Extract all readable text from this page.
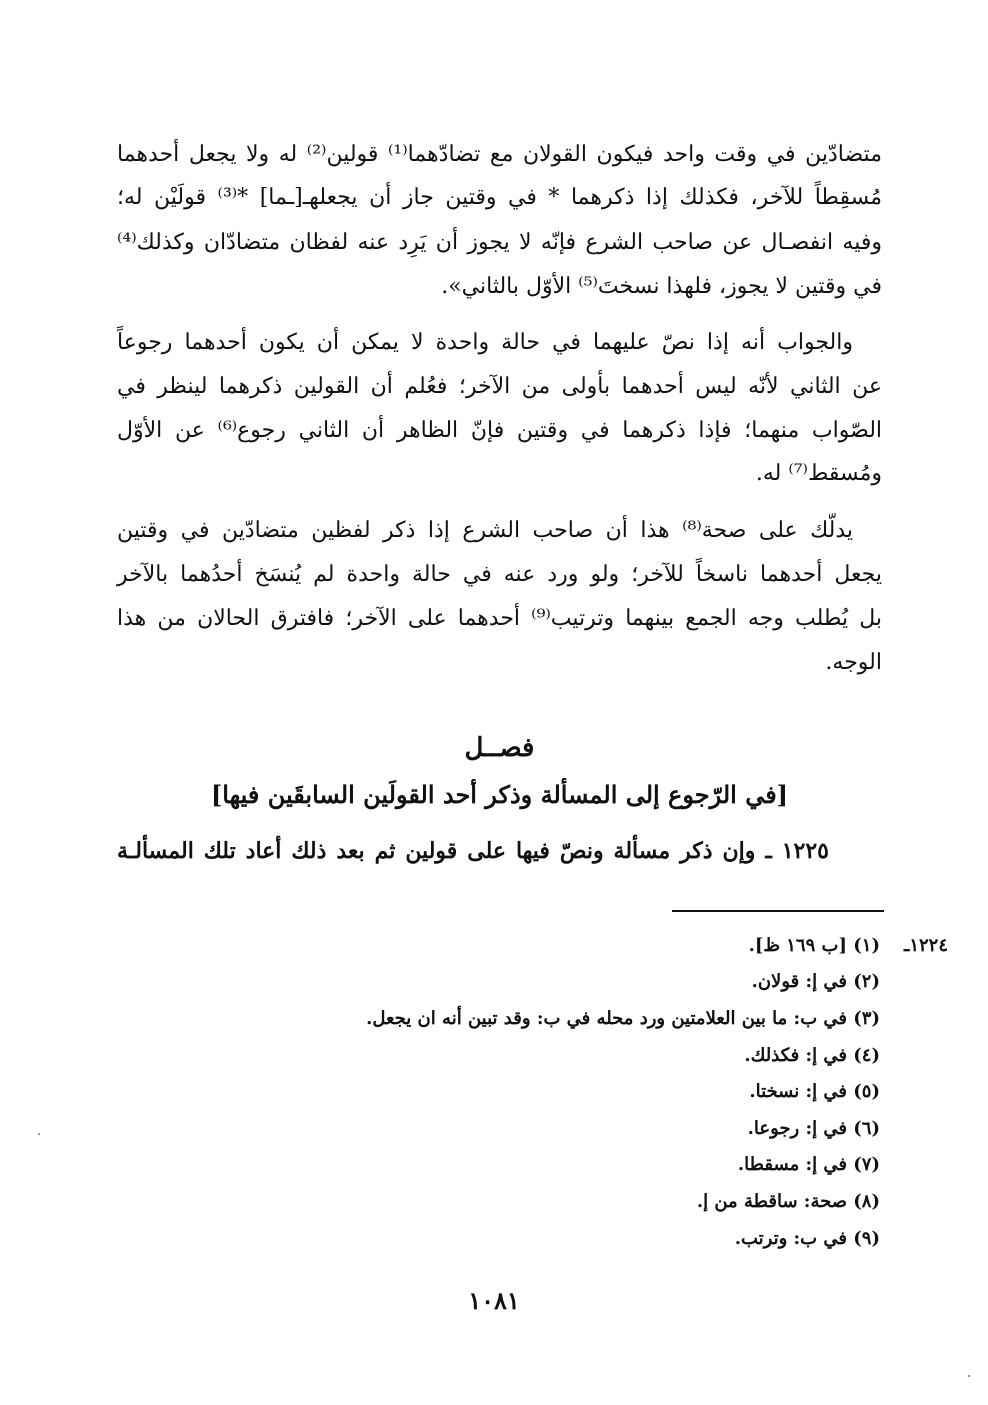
متضادّين في وقت واحد فيكون القولان مع تضادّهما⁽¹⁾ قولين⁽²⁾ له ولا يجعل أحدهما
مُسقِطاً للآخر، فكذلك إذا ذكرهما * في وقتين جاز أن يجعلهـ[ـما] *⁽³⁾ قولَيْن له؛
وفيه انفصـال عن صاحب الشرع فإنّه لا يجوز أن يَرِد عنه لفظان متضادّان وكذلك⁽⁴⁾
في وقتين لا يجوز، فلهذا نسختَ⁽⁵⁾ الأوّل بالثاني».‏
والجواب أنه إذا نصّ عليهما في حالة واحدة لا يمكن أن يكون أحدهما رجوعاً
عن الثاني لأنّه ليس أحدهما بأولى من الآخر؛ فعُلم أن القولين ذكرهما لينظر في
الصّواب منهما؛ فإذا ذكرهما في وقتين فإنّ الظاهر أن الثاني رجوع⁽⁶⁾ عن الأوّل
ومُسقط⁽⁷⁾ له.
يدلّك على صحة⁽⁸⁾ هذا أن صاحب الشرع إذا ذكر لفظين متضادّين في وقتين
يجعل أحدهما ناسخاً للآخر؛ ولو ورد عنه في حالة واحدة لم يُنسَخ أحدُهما بالآخر
بل يُطلب وجه الجمع بينهما وترتيب⁽⁹⁾ أحدهما على الآخر؛ فافترق الحالان من هذا
الوجه.
فصــل
[في الرّجوع إلى المسألة وذكر أحد القولَين السابقَين فيها]
١٢٢٥ ـ وإن ذكر مسألة ونصّ فيها على قولين ثم بعد ذلك أعاد تلك المسألـة
١٢٢٤ـ
(١) [ب ١٦٩ ظ].
(٢) في إ: قولان.
(٣) في ب: ما بين العلامتين ورد محله في ب: وقد تبين أنه ان يجعل.
(٤) في إ: فكذلك.
(٥) في إ: نسختا.
(٦) في إ: رجوعا.
(٧) في إ: مسقطا.
(٨) صحة: ساقطة من إ.
(٩) في ب: وترتب.
١٠٨١
